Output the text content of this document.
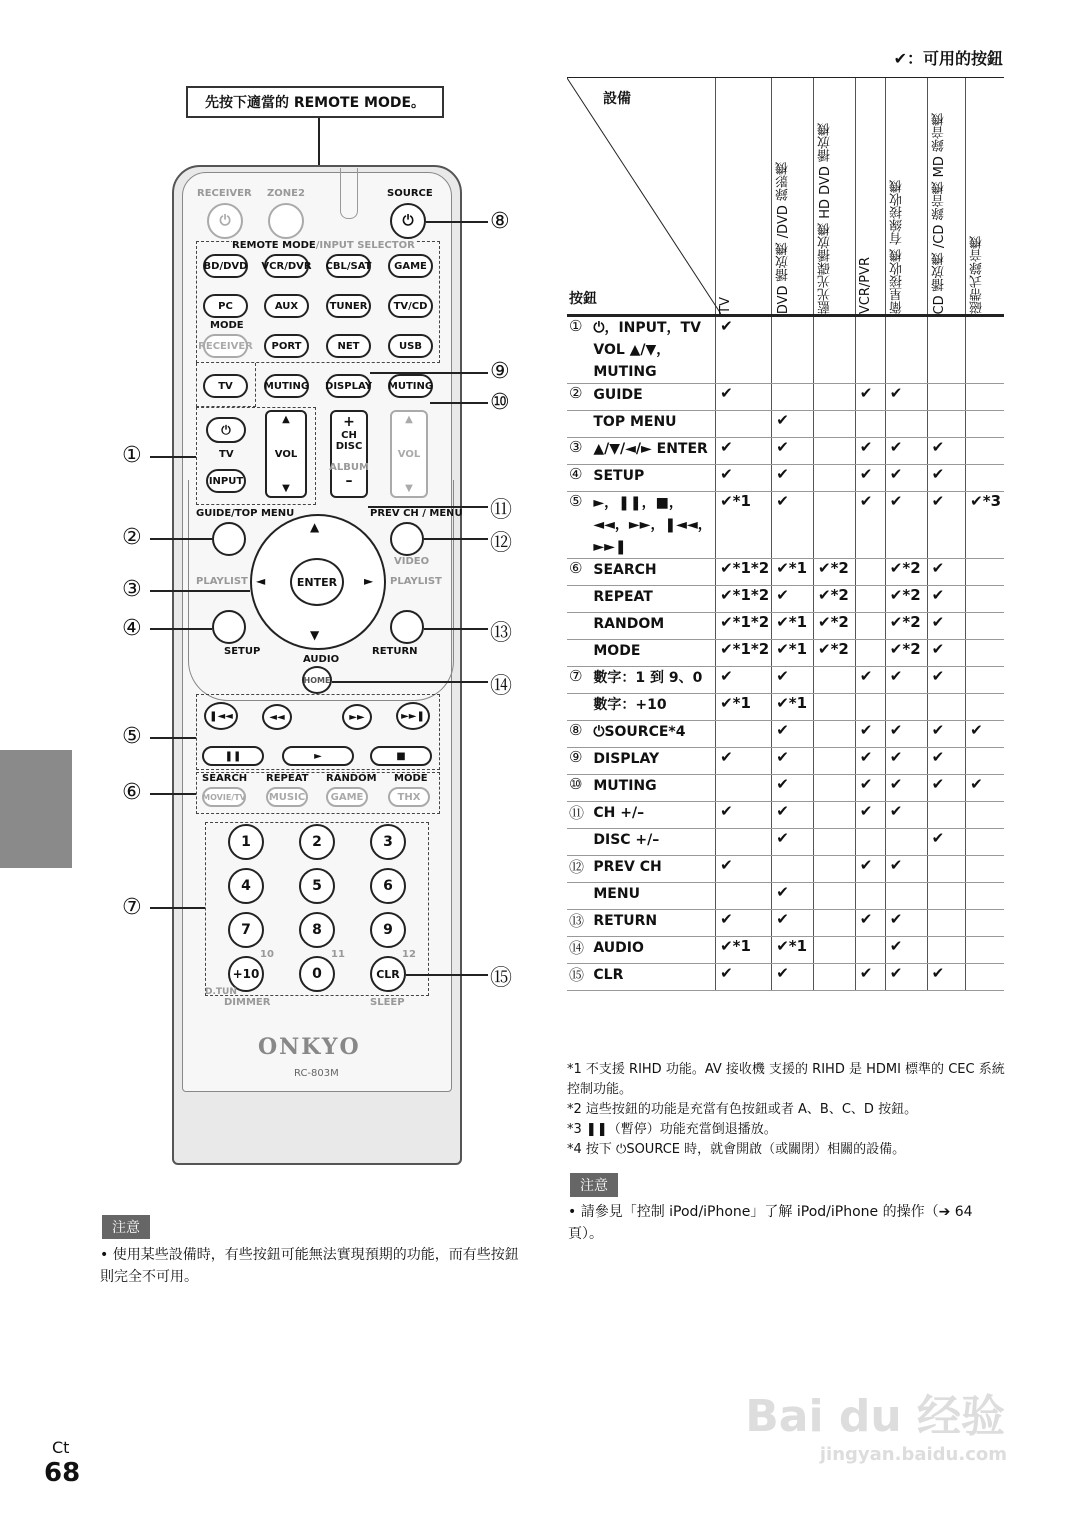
✔：可用的按鈕
先按下適當的 REMOTE MODE。
RECEIVER ZONE2	SOURCE
⏻	⏻
REMOTE MODE/INPUT SELECTOR
BD/DVD VCR/DVR CBL/SAT	GAME
PC	AUX	TUNER	TV/CD
MODE
RECEIVER	PORT	NET	USB
TV	MUTING DISPLAY MUTING
⏻
TV
INPUT
▲
VOL
▼
+
CH
DISC
ALBUM
–
▲
VOL
▼
GUIDE/TOP MENU	PREV CH / MENU
VIDEO
PLAYLIST	PLAYLIST
▲
▼
◄	►
ENTER
SETUP	RETURN
AUDIO
HOME
❚◄◄	◄◄	►►	►►❚
❚❚	►	■
SEARCH REPEAT RANDOM MODE
MOVIE/TV MUSIC	GAME	THX
1	2	3
4	5	6
7	8	9
10	11	12
+10	0	CLR
D.TUN
DIMMER	SLEEP
ONKYO
RC-803M
①
②
③
④
⑤
⑥
⑦
⑧
⑨
⑩
⑪
⑫
⑬
⑭
⑮
注意
• 使用某些設備時，有些按鈕可能無法實現預期的功能，而有些按鈕則完全不可用。
設備
按鈕		TV	DVD 播放機 /DVD 錄影機	藍光光碟播放機 HD DVD 播放機	VCR/PVR	衛星接收機 有線接收機	CD 播放機 /CD 錄音機 MD 錄音機	磁帶式錄音機

①	⏻，INPUT，TV VOL ▲/▼，MUTING	✔						
②	GUIDE	✔			✔	✔		
	TOP MENU		✔					
③	▲/▼/◄/► ENTER	✔	✔		✔	✔	✔	
④	SETUP	✔	✔		✔	✔	✔	
⑤	►，❚❚，■，◄◄，►►，❚◄◄，►►❚	✔*1	✔		✔	✔	✔	✔*3
⑥	SEARCH	✔*1*2	✔*1	✔*2		✔*2	✔	
	REPEAT	✔*1*2	✔	✔*2		✔*2	✔	
	RANDOM	✔*1*2	✔*1	✔*2		✔*2	✔	
	MODE	✔*1*2	✔*1	✔*2		✔*2	✔	
⑦	數字：1 到 9、0	✔	✔		✔	✔	✔	
	數字：+10	✔*1	✔*1					
⑧	⏻SOURCE*4		✔		✔	✔	✔	✔
⑨	DISPLAY	✔	✔		✔	✔	✔	
⑩	MUTING		✔		✔	✔	✔	✔
⑪	CH +/–	✔	✔		✔	✔		
	DISC +/–		✔				✔	
⑫	PREV CH	✔			✔	✔		
	MENU		✔					
⑬	RETURN	✔	✔		✔	✔		
⑭	AUDIO	✔*1	✔*1			✔		
⑮	CLR	✔	✔		✔	✔	✔	
*1 不支援 RIHD 功能。AV 接收機 支援的 RIHD 是 HDMI 標準的 CEC 系統控制功能。
*2 這些按鈕的功能是充當有色按鈕或者 A、B、C、D 按鈕。
*3 ❚❚（暫停）功能充當倒退播放。
*4 按下 ⏻SOURCE 時，就會開啟（或關閉）相關的設備。
注意
• 請參見「控制 iPod/iPhone」了解 iPod/iPhone 的操作（➔ 64 頁）。
Ct
68
Bai du 经验
jingyan.baidu.com
